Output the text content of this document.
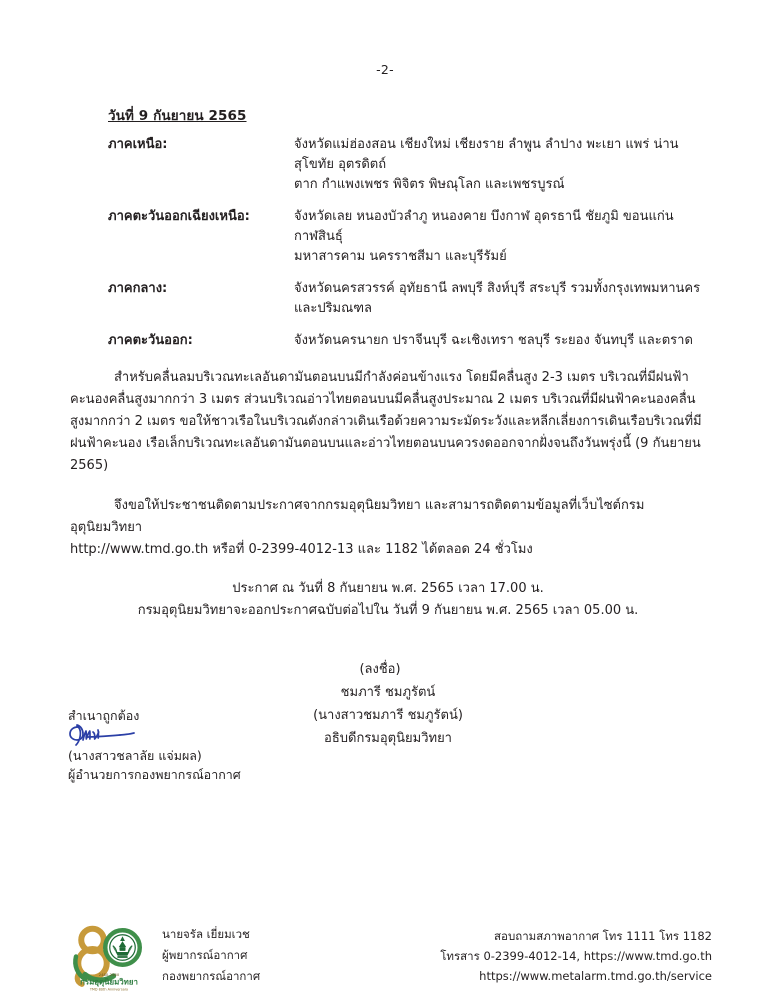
-2-
วันที่ 9 กันยายน 2565
ภาคเหนือ:	จังหวัดแม่ฮ่องสอน เชียงใหม่ เชียงราย ลำพูน ลำปาง พะเยา แพร่ น่าน สุโขทัย อุตรดิตถ์
ตาก กำแพงเพชร พิจิตร พิษณุโลก และเพชรบูรณ์

ภาคตะวันออกเฉียงเหนือ:	จังหวัดเลย หนองบัวลำภู หนองคาย บึงกาฬ อุดรธานี ชัยภูมิ ขอนแก่น กาฬสินธุ์
มหาสารคาม นครราชสีมา และบุรีรัมย์

ภาคกลาง:	จังหวัดนครสวรรค์ อุทัยธานี ลพบุรี สิงห์บุรี สระบุรี รวมทั้งกรุงเทพมหานคร
และปริมณฑล

ภาคตะวันออก:	จังหวัดนครนายก ปราจีนบุรี ฉะเชิงเทรา ชลบุรี ระยอง จันทบุรี และตราด

สำหรับคลื่นลมบริเวณทะเลอันดามันตอนบนมีกำลังค่อนข้างแรง โดยมีคลื่นสูง 2-3 เมตร บริเวณที่มีฝนฟ้าคะนองคลื่นสูงมากกว่า 3 เมตร ส่วนบริเวณอ่าวไทยตอนบนมีคลื่นสูงประมาณ 2 เมตร บริเวณที่มีฝนฟ้าคะนองคลื่นสูงมากกว่า 2 เมตร ขอให้ชาวเรือในบริเวณดังกล่าวเดินเรือด้วยความระมัดระวังและหลีกเลี่ยงการเดินเรือบริเวณที่มีฝนฟ้าคะนอง เรือเล็กบริเวณทะเลอันดามันตอนบนและอ่าวไทยตอนบนควรงดออกจากฝั่งจนถึงวันพรุ่งนี้ (9 กันยายน 2565)

จึงขอให้ประชาชนติดตามประกาศจากกรมอุตุนิยมวิทยา และสามารถติดตามข้อมูลที่เว็บไซต์กรมอุตุนิยมวิทยา

http://www.tmd.go.th หรือที่ 0-2399-4012-13 และ 1182 ได้ตลอด 24 ชั่วโมง

ประกาศ ณ วันที่ 8 กันยายน พ.ศ. 2565 เวลา 17.00 น.
กรมอุตุนิยมวิทยาจะออกประกาศฉบับต่อไปใน วันที่ 9 กันยายน พ.ศ. 2565 เวลา 05.00 น.
(ลงชื่อ)
ชมภารี ชมภูรัตน์
(นางสาวชมภารี ชมภูรัตน์)
อธิบดีกรมอุตุนิยมวิทยา
สำเนาถูกต้อง
(นางสาวชลาลัย แจ่มผล)
ผู้อำนวยการกองพยากรณ์อากาศ
2480-2560
กรมอุตุนิยมวิทยา
TMD 80th Anniversary
นายจรัล เยี่ยมเวช
ผู้พยากรณ์อากาศ
กองพยากรณ์อากาศ
สอบถามสภาพอากาศ โทร 1111 โทร 1182
โทรสาร 0-2399-4012-14, https://www.tmd.go.th
https://www.metalarm.tmd.go.th/service
